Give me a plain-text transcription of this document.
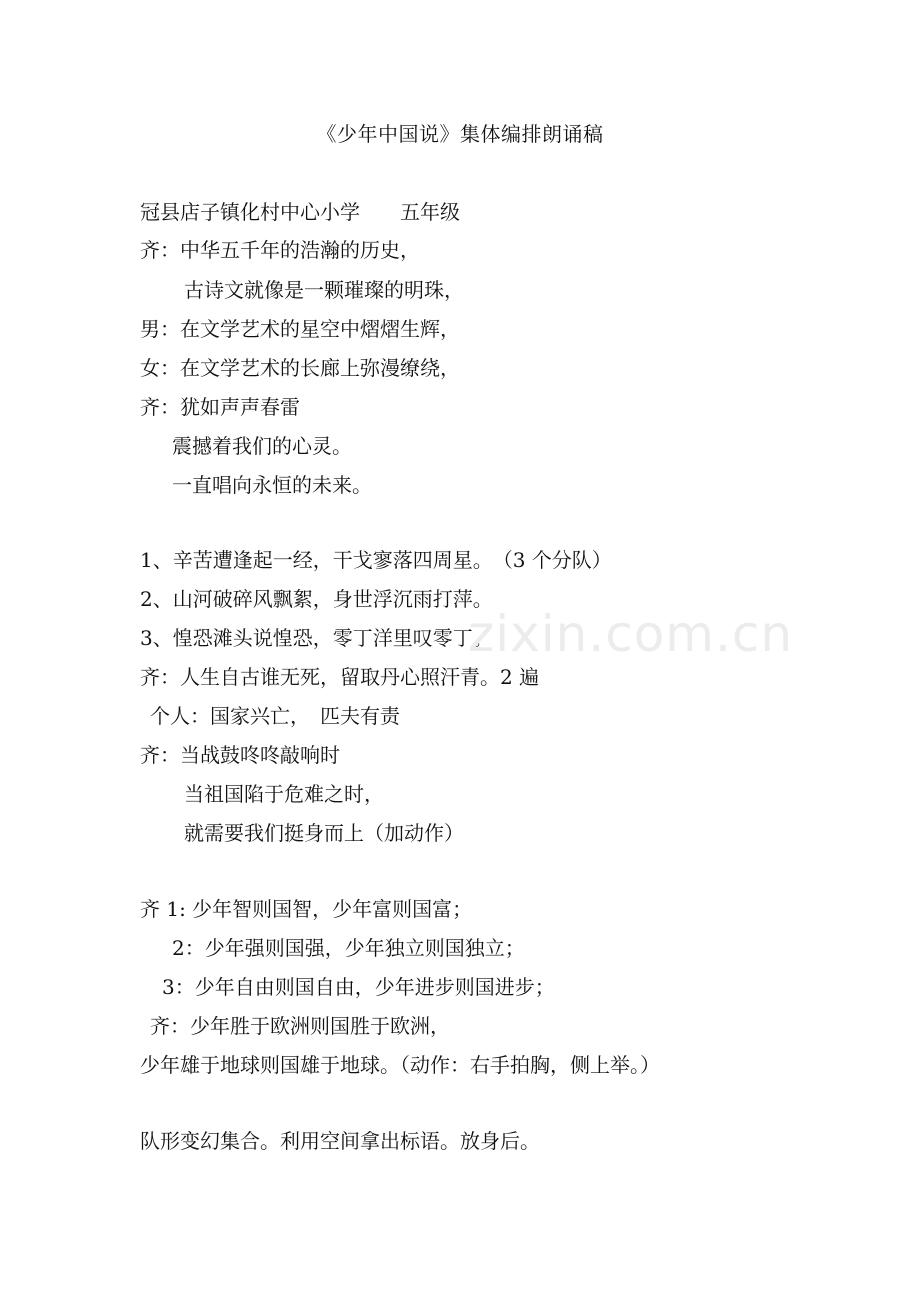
《少年中国说》集体编排朗诵稿
冠县店子镇化村中心小学　　五年级
齐：中华五千年的浩瀚的历史，
古诗文就像是一颗璀璨的明珠，
男：在文学艺术的星空中熠熠生辉，
女：在文学艺术的长廊上弥漫缭绕，
齐：犹如声声春雷
震撼着我们的心灵。
一直唱向永恒的未来。
1、辛苦遭逢起一经，干戈寥落四周星。　（3 个分队）
2、山河破碎风飘絮，身世浮沉雨打萍。
3、惶恐滩头说惶恐，零丁洋里叹零丁。
齐：人生自古谁无死，留取丹心照汗青。2 遍
个人：国家兴亡，　匹夫有责
齐：当战鼓咚咚敲响时
当祖国陷于危难之时，
就需要我们挺身而上（加动作）
齐 1: 少年智则国智，少年富则国富；
2：少年强则国强，少年独立则国独立；
3：少年自由则国自由，少年进步则国进步；
齐：少年胜于欧洲则国胜于欧洲，
少年雄于地球则国雄于地球。（动作：右手拍胸，侧上举。）
队形变幻集合。利用空间拿出标语。放身后。
zixin.com.cn
